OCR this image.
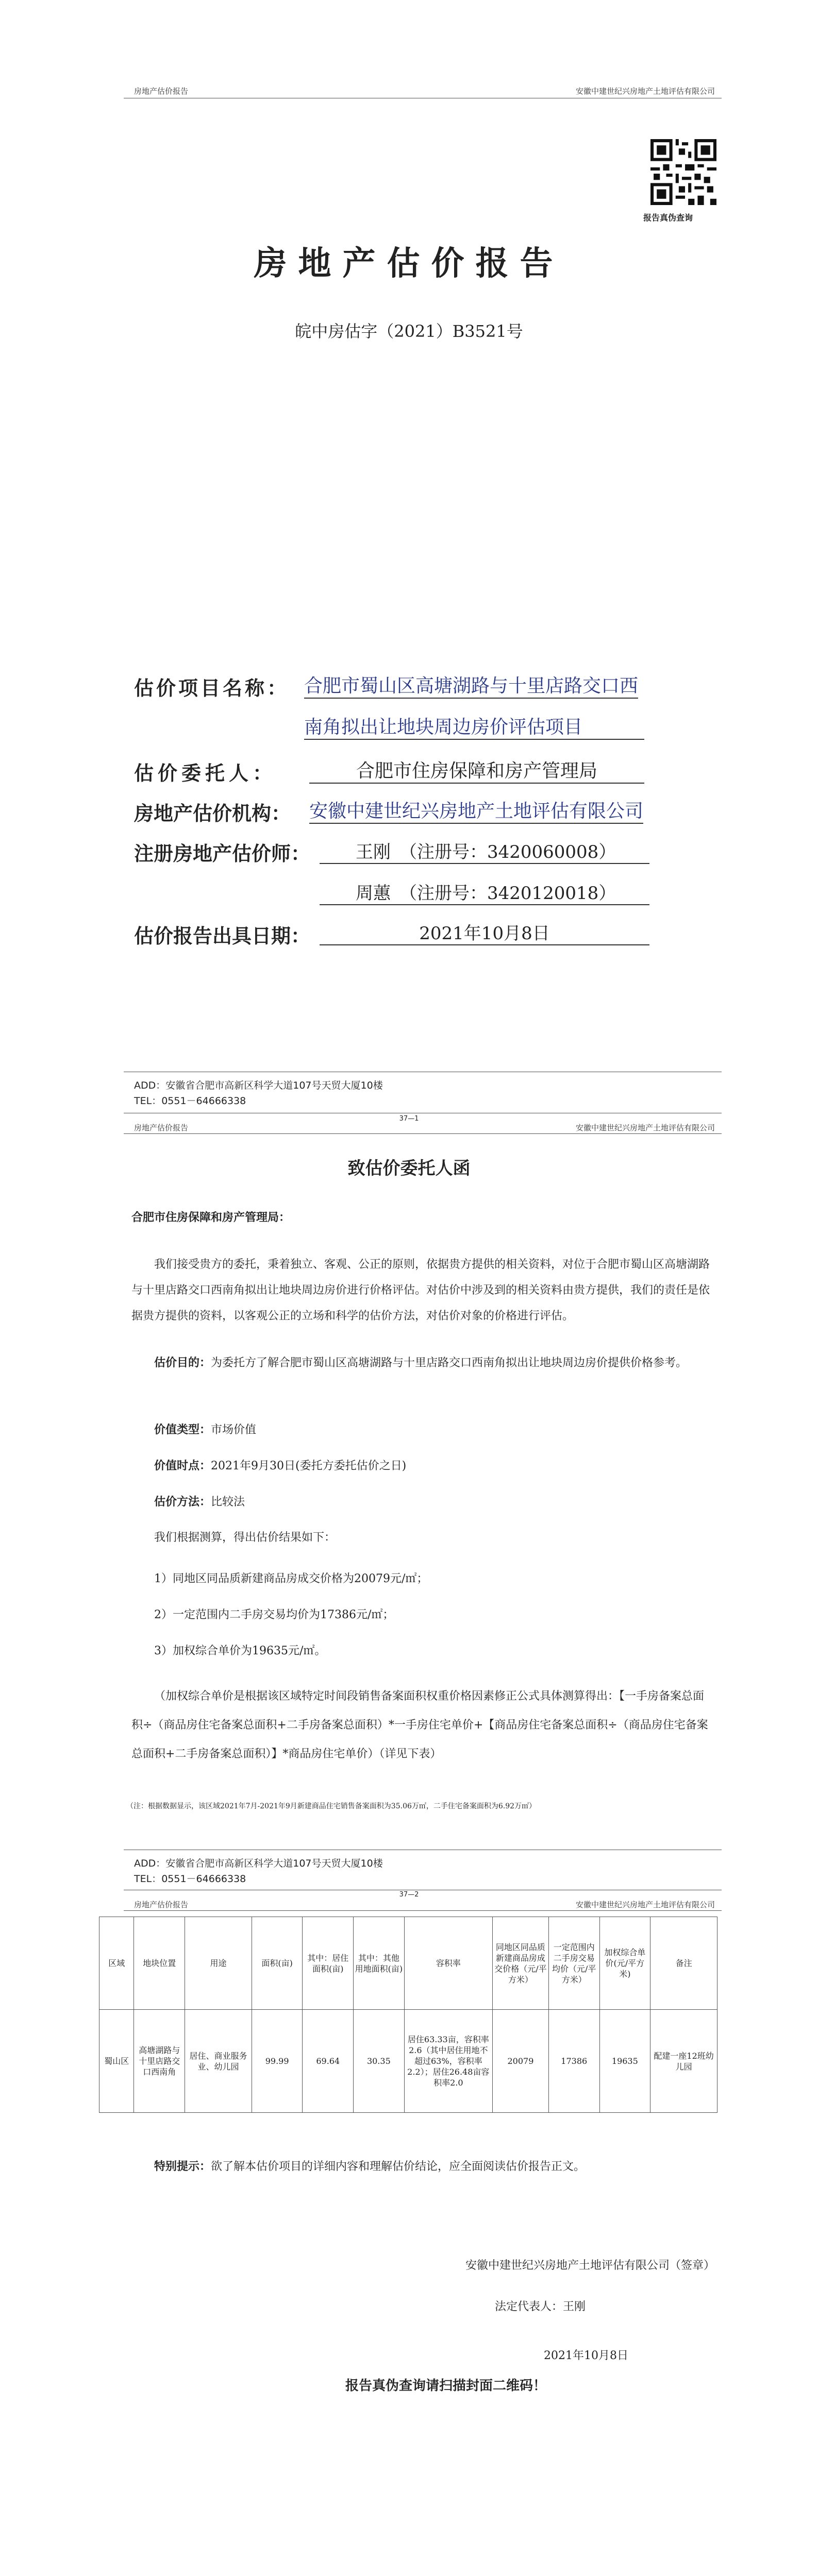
房地产估价报告	安徽中建世纪兴房地产土地评估有限公司
报告真伪查询
房地产估价报告
皖中房估字（2021）B3521号
估价项目名称： 合肥市蜀山区高塘湖路与十里店路交口西
南角拟出让地块周边房价评估项目
估价委托人：	合肥市住房保障和房产管理局
房地产估价机构： 安徽中建世纪兴房地产土地评估有限公司
注册房地产估价师：	王刚　（注册号：3420060008）
周蕙　（注册号：3420120018）
估价报告出具日期：	2021年10月8日
ADD：安徽省合肥市高新区科学大道107号天贸大厦10楼
TEL：0551－64666338
37—1
房地产估价报告	安徽中建世纪兴房地产土地评估有限公司
致估价委托人函
合肥市住房保障和房产管理局：
我们接受贵方的委托，秉着独立、客观、公正的原则，依据贵方提供的相关资料，对位于合肥市蜀山区高塘湖路与十里店路交口西南角拟出让地块周边房价进行价格评估。对估价中涉及到的相关资料由贵方提供，我们的责任是依据贵方提供的资料，以客观公正的立场和科学的估价方法，对估价对象的价格进行评估。
估价目的：为委托方了解合肥市蜀山区高塘湖路与十里店路交口西南角拟出让地块周边房价提供价格参考。
价值类型：市场价值
价值时点：2021年9月30日(委托方委托估价之日)
估价方法：比较法
我们根据测算，得出估价结果如下：
1）同地区同品质新建商品房成交价格为20079元/㎡；
2）一定范围内二手房交易均价为17386元/㎡；
3）加权综合单价为19635元/㎡。
（加权综合单价是根据该区域特定时间段销售备案面积权重价格因素修正公式具体测算得出：【一手房备案总面积÷（商品房住宅备案总面积+二手房备案总面积）*一手房住宅单价+【商品房住宅备案总面积÷（商品房住宅备案总面积+二手房备案总面积）】*商品房住宅单价）（详见下表）
（注：根据数据显示，该区域2021年7月-2021年9月新建商品住宅销售备案面积为35.06万㎡，二手住宅备案面积为6.92万㎡）
ADD：安徽省合肥市高新区科学大道107号天贸大厦10楼
TEL：0551－64666338
37—2
房地产估价报告	安徽中建世纪兴房地产土地评估有限公司
区域	地块位置	用途	面积(亩)	其中：居住面积(亩)	其中：其他用地面积(亩)	容积率	同地区同品质新建商品房成交价格（元/平方米）	一定范围内二手房交易均价（元/平方米）	加权综合单价(元/平方米)	备注
蜀山区	高塘湖路与十里店路交口西南角	居住、商业服务业、幼儿园	99.99	69.64	30.35	居住63.33亩，容积率2.6（其中居住用地不超过63%，容积率2.2）；居住26.48亩容积率2.0	20079	17386	19635	配建一座12班幼儿园
特别提示：欲了解本估价项目的详细内容和理解估价结论，应全面阅读估价报告正文。
安徽中建世纪兴房地产土地评估有限公司（签章）
法定代表人：王刚
2021年10月8日
报告真伪查询请扫描封面二维码！
